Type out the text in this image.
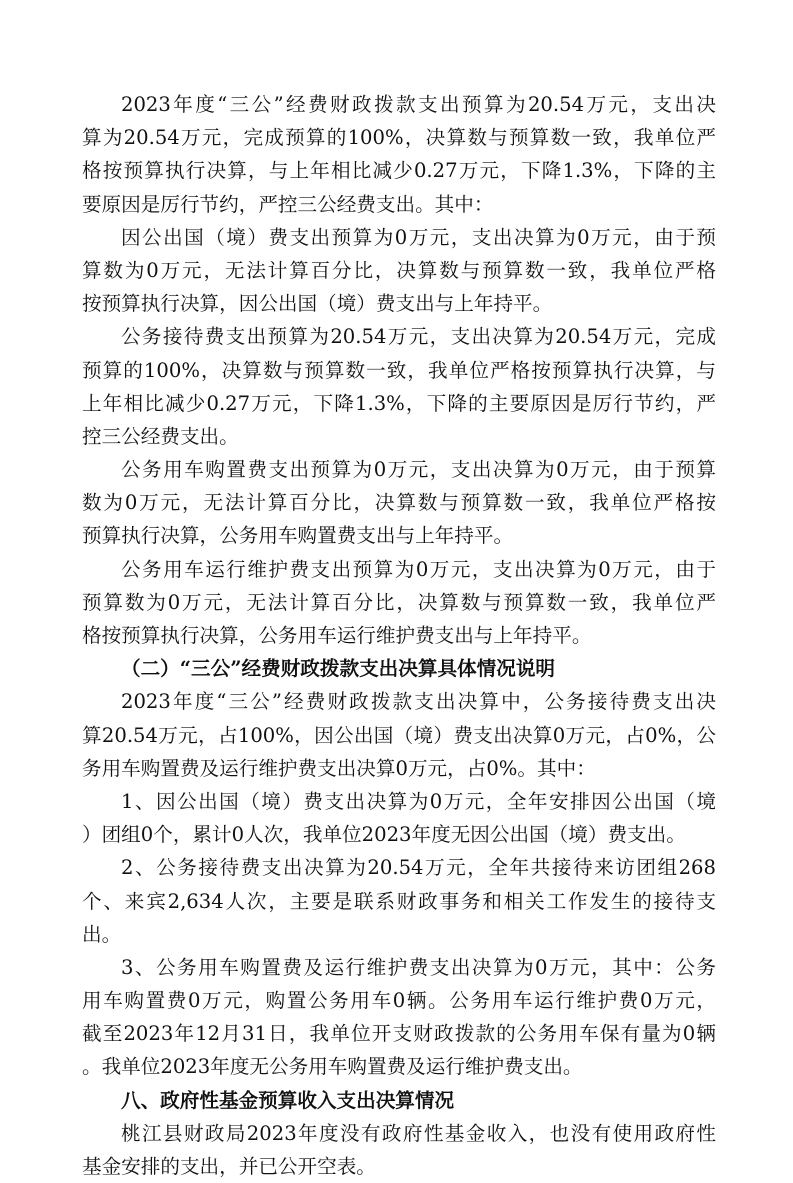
2023年度“三公”经费财政拨款支出预算为20.54万元，支出决
算为20.54万元，完成预算的100%，决算数与预算数一致，我单位严
格按预算执行决算，与上年相比减少0.27万元，下降1.3%，下降的主
要原因是厉行节约，严控三公经费支出。其中：
因公出国（境）费支出预算为0万元，支出决算为0万元，由于预
算数为0万元，无法计算百分比，决算数与预算数一致，我单位严格
按预算执行决算，因公出国（境）费支出与上年持平。
公务接待费支出预算为20.54万元，支出决算为20.54万元，完成
预算的100%，决算数与预算数一致，我单位严格按预算执行决算，与
上年相比减少0.27万元，下降1.3%，下降的主要原因是厉行节约，严
控三公经费支出。
公务用车购置费支出预算为0万元，支出决算为0万元，由于预算
数为0万元，无法计算百分比，决算数与预算数一致，我单位严格按
预算执行决算，公务用车购置费支出与上年持平。
公务用车运行维护费支出预算为0万元，支出决算为0万元，由于
预算数为0万元，无法计算百分比，决算数与预算数一致，我单位严
格按预算执行决算，公务用车运行维护费支出与上年持平。
（二）“三公”经费财政拨款支出决算具体情况说明
2023年度“三公”经费财政拨款支出决算中，公务接待费支出决
算20.54万元，占100%，因公出国（境）费支出决算0万元，占0%，公
务用车购置费及运行维护费支出决算0万元，占0%。其中：
1、因公出国（境）费支出决算为0万元，全年安排因公出国（境
）团组0个，累计0人次，我单位2023年度无因公出国（境）费支出。
2、公务接待费支出决算为20.54万元，全年共接待来访团组268
个、来宾2,634人次，主要是联系财政事务和相关工作发生的接待支
出。
3、公务用车购置费及运行维护费支出决算为0万元，其中：公务
用车购置费0万元，购置公务用车0辆。公务用车运行维护费0万元，
截至2023年12月31日，我单位开支财政拨款的公务用车保有量为0辆
。我单位2023年度无公务用车购置费及运行维护费支出。
八、政府性基金预算收入支出决算情况
桃江县财政局2023年度没有政府性基金收入，也没有使用政府性
基金安排的支出，并已公开空表。
